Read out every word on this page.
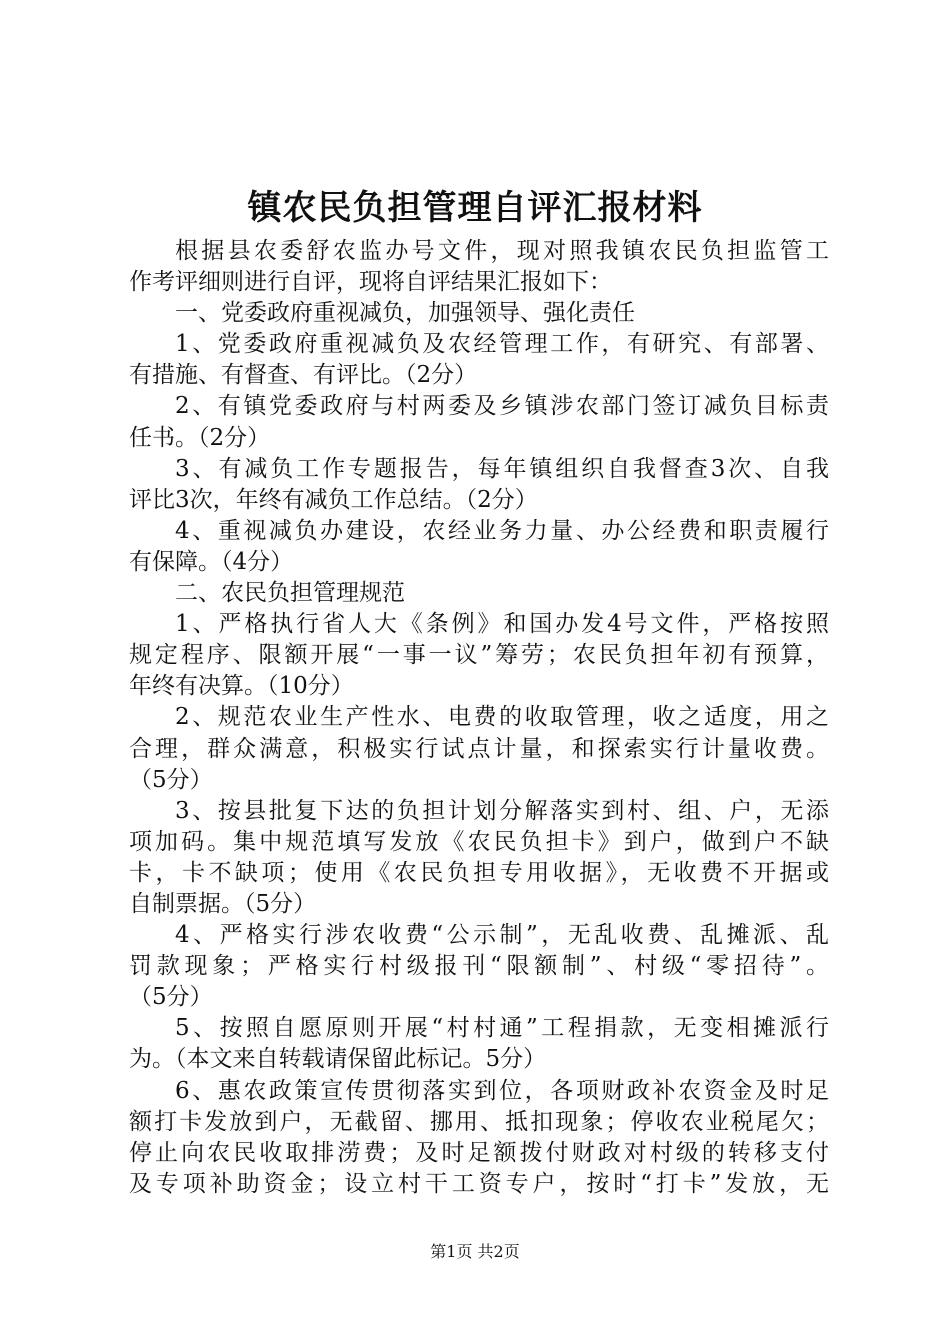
镇农民负担管理自评汇报材料
根据县农委舒农监办号文件，现对照我镇农民负担监管工
作考评细则进行自评，现将自评结果汇报如下：
一、党委政府重视减负，加强领导、强化责任
1、党委政府重视减负及农经管理工作，有研究、有部署、
有措施、有督查、有评比。（2分）
2、有镇党委政府与村两委及乡镇涉农部门签订减负目标责
任书。（2分）
3、有减负工作专题报告，每年镇组织自我督查3次、自我
评比3次，年终有减负工作总结。（2分）
4、重视减负办建设，农经业务力量、办公经费和职责履行
有保障。（4分）
二、农民负担管理规范
1、严格执行省人大《条例》和国办发4号文件，严格按照
规定程序、限额开展“一事一议”筹劳；农民负担年初有预算，
年终有决算。（10分）
2、规范农业生产性水、电费的收取管理，收之适度，用之
合理，群众满意，积极实行试点计量，和探索实行计量收费。
（5分）
3、按县批复下达的负担计划分解落实到村、组、户，无添
项加码。集中规范填写发放《农民负担卡》到户，做到户不缺
卡，卡不缺项；使用《农民负担专用收据》，无收费不开据或
自制票据。（5分）
4、严格实行涉农收费“公示制”，无乱收费、乱摊派、乱
罚款现象；严格实行村级报刊“限额制”、村级“零招待”。
（5分）
5、按照自愿原则开展“村村通”工程捐款，无变相摊派行
为。（本文来自转载请保留此标记。5分）
6、惠农政策宣传贯彻落实到位，各项财政补农资金及时足
额打卡发放到户，无截留、挪用、抵扣现象；停收农业税尾欠；
停止向农民收取排涝费；及时足额拨付财政对村级的转移支付
及专项补助资金；设立村干工资专户，按时“打卡”发放，无
第1页 共2页
